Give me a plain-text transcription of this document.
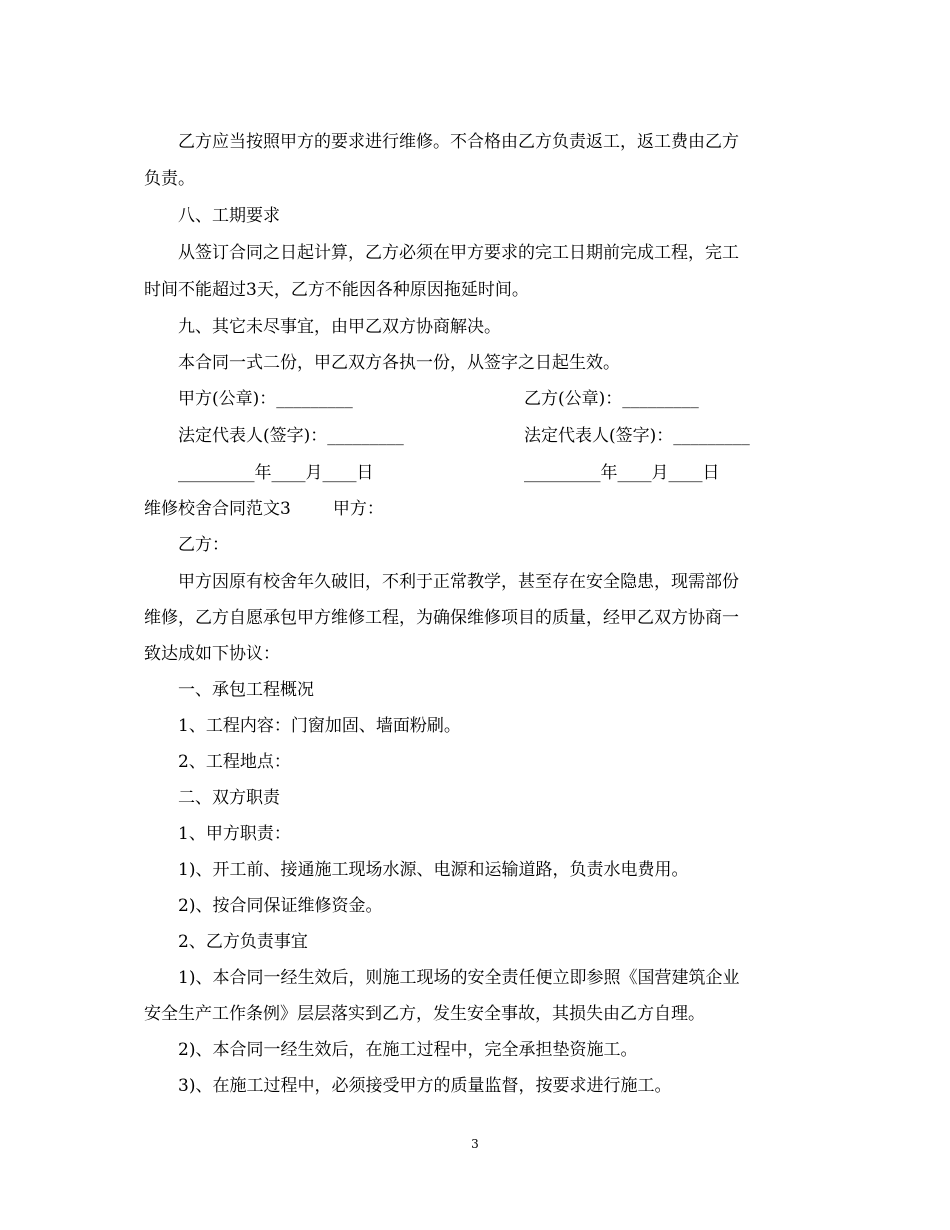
乙方应当按照甲方的要求进行维修。不合格由乙方负责返工，返工费由乙方
负责。
八、工期要求
从签订合同之日起计算，乙方必须在甲方要求的完工日期前完成工程，完工
时间不能超过3天，乙方不能因各种原因拖延时间。
九、其它未尽事宜，由甲乙双方协商解决。
本合同一式二份，甲乙双方各执一份，从签字之日起生效。
甲方(公章)：_________	乙方(公章)：_________
法定代表人(签字)：_________	法定代表人(签字)：_________
_________年____月____日	_________年____月____日
维修校舍合同范文3 甲方：
乙方：
甲方因原有校舍年久破旧，不利于正常教学，甚至存在安全隐患，现需部份
维修，乙方自愿承包甲方维修工程，为确保维修项目的质量，经甲乙双方协商一
致达成如下协议：
一、承包工程概况
1、工程内容：门窗加固、墙面粉刷。
2、工程地点：
二、双方职责
1、甲方职责：
1)、开工前、接通施工现场水源、电源和运输道路，负责水电费用。
2)、按合同保证维修资金。
2、乙方负责事宜
1)、本合同一经生效后，则施工现场的安全责任便立即参照《国营建筑企业
安全生产工作条例》层层落实到乙方，发生安全事故，其损失由乙方自理。
2)、本合同一经生效后，在施工过程中，完全承担垫资施工。
3)、在施工过程中，必须接受甲方的质量监督，按要求进行施工。
3
